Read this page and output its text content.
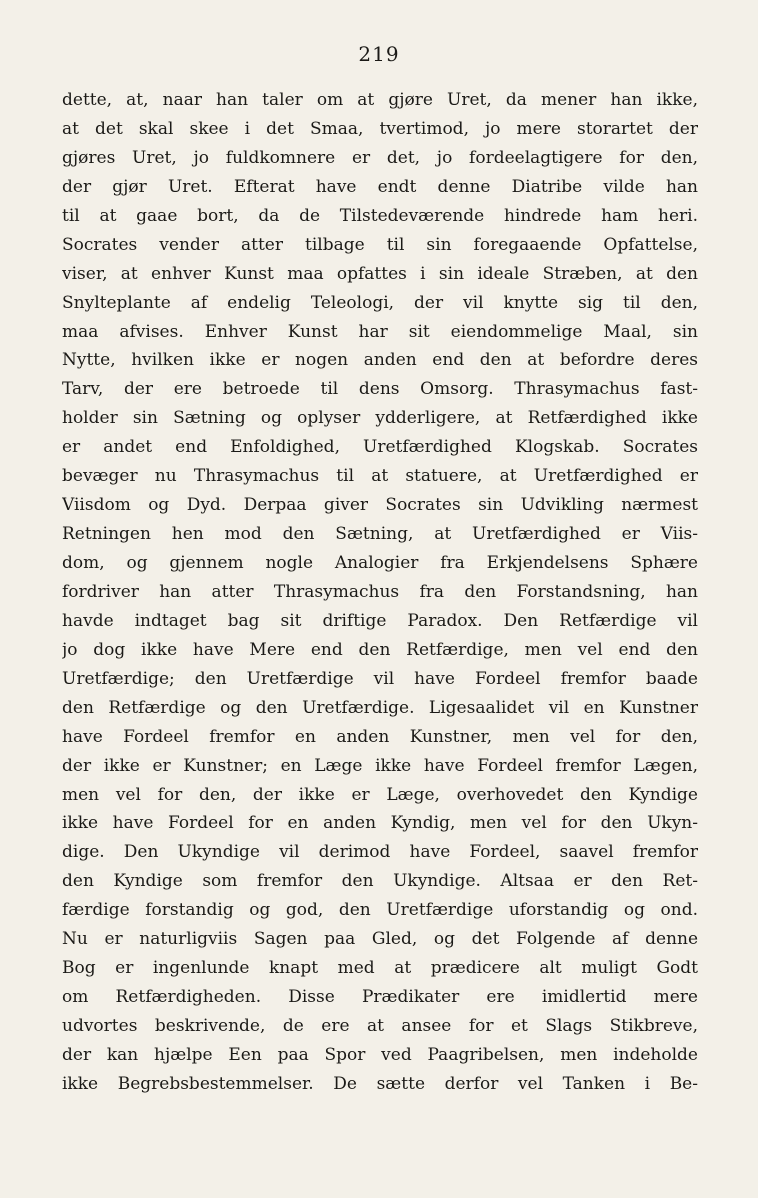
219
dette, at, naar han taler om at gjøre Uret, da mener han ikke,
at det skal skee i det Smaa, tvertimod, jo mere storartet der
gjøres Uret, jo fuldkomnere er det, jo fordeelagtigere for den,
der gjør Uret. Efterat have endt denne Diatribe vilde han
til at gaae bort, da de Tilstedeværende hindrede ham heri.
Socrates vender atter tilbage til sin foregaaende Opfattelse,
viser, at enhver Kunst maa opfattes i sin ideale Stræben, at den
Snylteplante af endelig Teleologi, der vil knytte sig til den,
maa afvises. Enhver Kunst har sit eiendommelige Maal, sin
Nytte, hvilken ikke er nogen anden end den at befordre deres
Tarv, der ere betroede til dens Omsorg. Thrasymachus fast-
holder sin Sætning og oplyser ydderligere, at Retfærdighed ikke
er andet end Enfoldighed, Uretfærdighed Klogskab. Socrates
bevæger nu Thrasymachus til at statuere, at Uretfærdighed er
Viisdom og Dyd. Derpaa giver Socrates sin Udvikling nærmest
Retningen hen mod den Sætning, at Uretfærdighed er Viis-
dom, og gjennem nogle Analogier fra Erkjendelsens Sphære
fordriver han atter Thrasymachus fra den Forstandsning, han
havde indtaget bag sit driftige Paradox. Den Retfærdige vil
jo dog ikke have Mere end den Retfærdige, men vel end den
Uretfærdige; den Uretfærdige vil have Fordeel fremfor baade
den Retfærdige og den Uretfærdige. Ligesaalidet vil en Kunstner
have Fordeel fremfor en anden Kunstner, men vel for den,
der ikke er Kunstner; en Læge ikke have Fordeel fremfor Lægen,
men vel for den, der ikke er Læge, overhovedet den Kyndige
ikke have Fordeel for en anden Kyndig, men vel for den Ukyn-
dige. Den Ukyndige vil derimod have Fordeel, saavel fremfor
den Kyndige som fremfor den Ukyndige. Altsaa er den Ret-
færdige forstandig og god, den Uretfærdige uforstandig og ond.
Nu er naturligviis Sagen paa Gled, og det Folgende af denne
Bog er ingenlunde knapt med at prædicere alt muligt Godt
om Retfærdigheden. Disse Prædikater ere imidlertid mere
udvortes beskrivende, de ere at ansee for et Slags Stikbreve,
der kan hjælpe Een paa Spor ved Paagribelsen, men indeholde
ikke Begrebsbestemmelser. De sætte derfor vel Tanken i Be-
